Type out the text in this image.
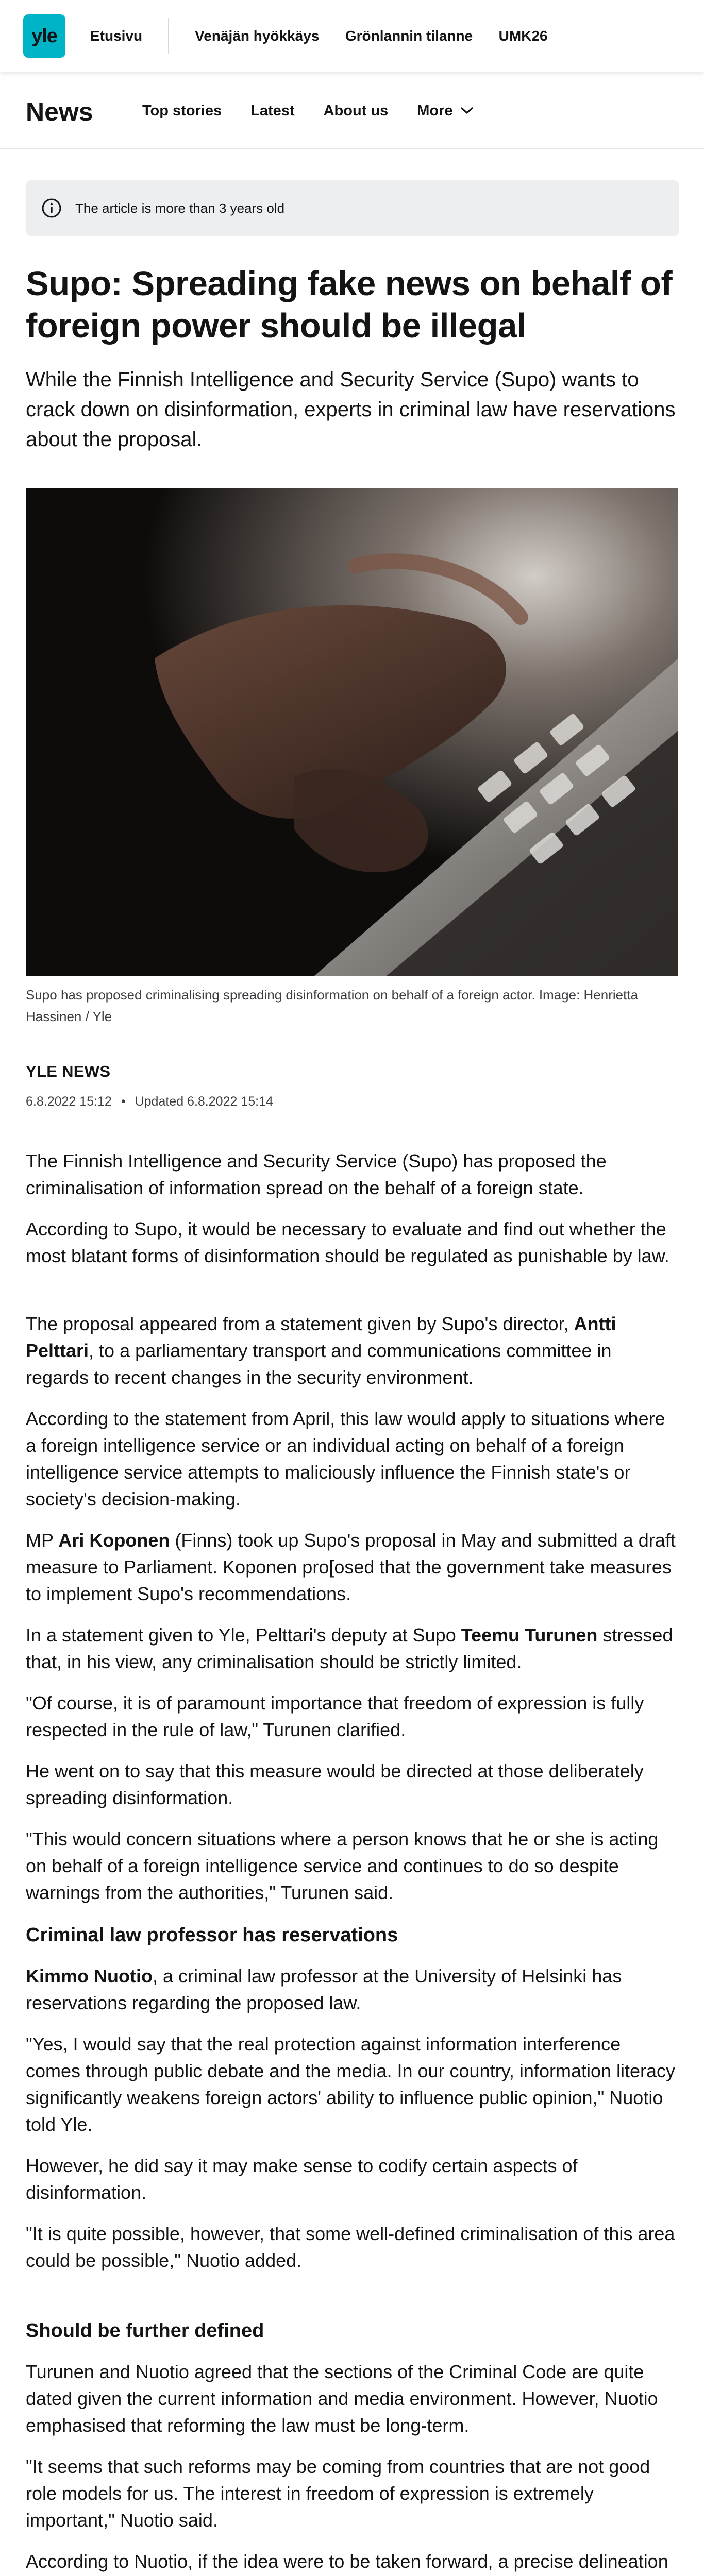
yle	Etusivu	Venäjän hyökkäys Grönlannin tilanne UMK26
News	Top stories Latest About us More
The article is more than 3 years old
Supo: Spreading fake news on behalf of foreign power should be illegal

While the Finnish Intelligence and Security Service (Supo) wants to crack down on disinformation, experts in criminal law have reservations about the proposal.

Supo has proposed criminalising spreading disinformation on behalf of a foreign actor. Image: Henrietta Hassinen / Yle

YLE NEWS
6.8.2022 15:12 • Updated 6.8.2022 15:14

The Finnish Intelligence and Security Service (Supo) has proposed the criminalisation of information spread on the behalf of a foreign state.

According to Supo, it would be necessary to evaluate and find out whether the most blatant forms of disinformation should be regulated as punishable by law.

The proposal appeared from a statement given by Supo's director, Antti Pelttari, to a parliamentary transport and communications committee in regards to recent changes in the security environment.

According to the statement from April, this law would apply to situations where a foreign intelligence service or an individual acting on behalf of a foreign intelligence service attempts to maliciously influence the Finnish state's or society's decision-making.

MP Ari Koponen (Finns) took up Supo's proposal in May and submitted a draft measure to Parliament. Koponen pro[osed that the government take measures to implement Supo's recommendations.

In a statement given to Yle, Pelttari's deputy at Supo Teemu Turunen stressed that, in his view, any criminalisation should be strictly limited.

"Of course, it is of paramount importance that freedom of expression is fully respected in the rule of law," Turunen clarified.

He went on to say that this measure would be directed at those deliberately spreading disinformation.

"This would concern situations where a person knows that he or she is acting on behalf of a foreign intelligence service and continues to do so despite warnings from the authorities," Turunen said.

Criminal law professor has reservations

Kimmo Nuotio, a criminal law professor at the University of Helsinki has reservations regarding the proposed law.

"Yes, I would say that the real protection against information interference comes through public debate and the media. In our country, information literacy significantly weakens foreign actors' ability to influence public opinion," Nuotio told Yle.

However, he did say it may make sense to codify certain aspects of disinformation.

"It is quite possible, however, that some well-defined criminalisation of this area could be possible," Nuotio added.

Should be further defined

Turunen and Nuotio agreed that the sections of the Criminal Code are quite dated given the current information and media environment. However, Nuotio emphasised that reforming the law must be long-term.

"It seems that such reforms may be coming from countries that are not good role models for us. The interest in freedom of expression is extremely important," Nuotio said.

According to Nuotio, if the idea were to be taken forward, a precise delineation
